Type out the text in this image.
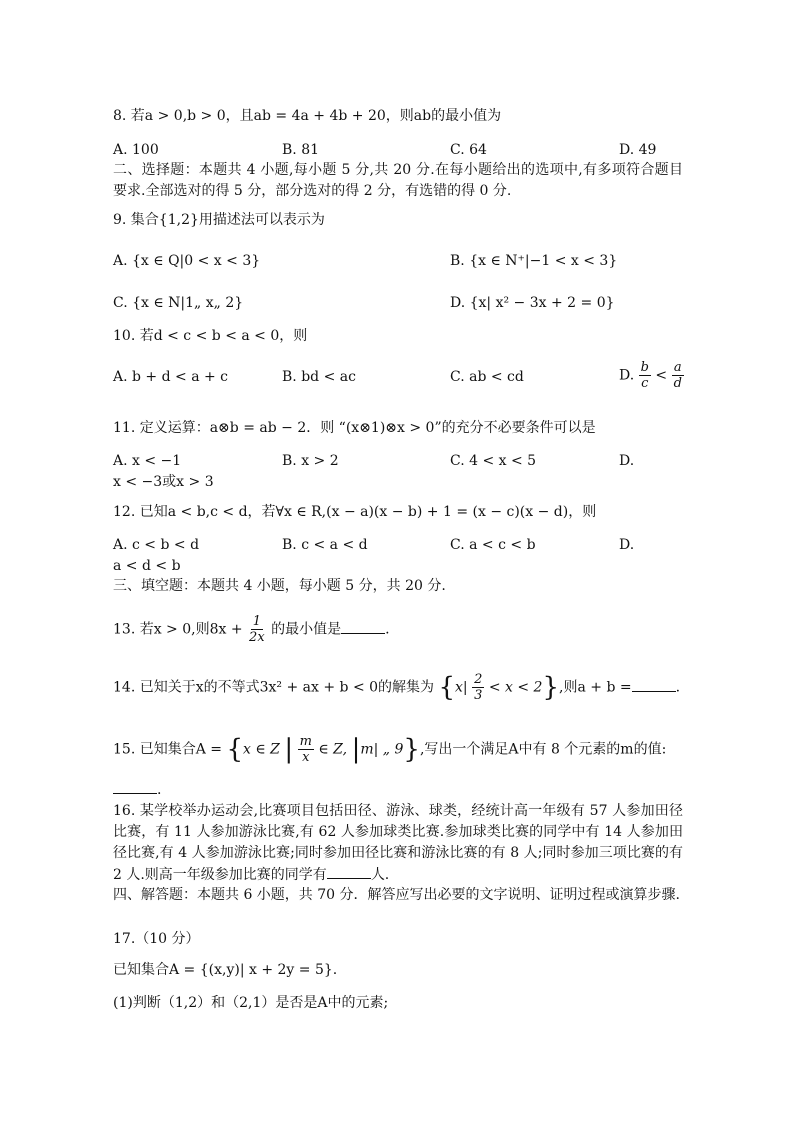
8. 若a > 0,b > 0，且ab = 4a + 4b + 20，则ab的最小值为
A. 100	B. 81	C. 64	D. 49
二、选择题：本题共 4 小题,每小题 5 分,共 20 分.在每小题给出的选项中,有多项符合题目要求.全部选对的得 5 分，部分选对的得 2 分，有选错的得 0 分.
9. 集合{1,2}用描述法可以表示为
A. {x ∈ Q|0 < x < 3}	B. {x ∈ N⁺|−1 < x < 3}
C. {x ∈ N|1„ x„ 2}	D. {x| x² − 3x + 2 = 0}
10. 若d < c < b < a < 0，则
A. b + d < a + c	B. bd < ac	C. ab < cd	D. $\frac{b}{c} < \frac{a}{d}$
11. 定义运算：a⊗b = ab − 2．则 “(x⊗1)⊗x > 0”的充分不必要条件可以是
A. x < −1	B. x > 2	C. 4 < x < 5	D.
x < −3或x > 3
12. 已知a < b,c < d，若∀x ∈ R,(x − a)(x − b) + 1 = (x − c)(x − d)，则
A. c < b < d	B. c < a < d	C. a < c < b	D.
a < d < b
三、填空题：本题共 4 小题，每小题 5 分，共 20 分.
13. 若x > 0,则$8x + \frac{1}{2x}$ 的最小值是	.
14. 已知关于x的不等式3x² + ax + b < 0的解集为 $\{x| \frac{2}{3} < x < 2\}$,则a + b =	.
15. 已知集合A = {x ∈ Z | $\frac{m}{x}$ ∈ Z, |m| „ 9},写出一个满足A中有 8 个元素的m的值:
.
16. 某学校举办运动会,比赛项目包括田径、游泳、球类，经统计高一年级有 57 人参加田径比赛，有 11 人参加游泳比赛,有 62 人参加球类比赛.参加球类比赛的同学中有 14 人参加田径比赛,有 4 人参加游泳比赛;同时参加田径比赛和游泳比赛的有 8 人;同时参加三项比赛的有 2 人.则高一年级参加比赛的同学有	人.
四、解答题：本题共 6 小题，共 70 分．解答应写出必要的文字说明、证明过程或演算步骤.
17.（10 分）
已知集合A = {(x,y)| x + 2y = 5}.
(1)判断（1,2）和（2,1）是否是A中的元素;
